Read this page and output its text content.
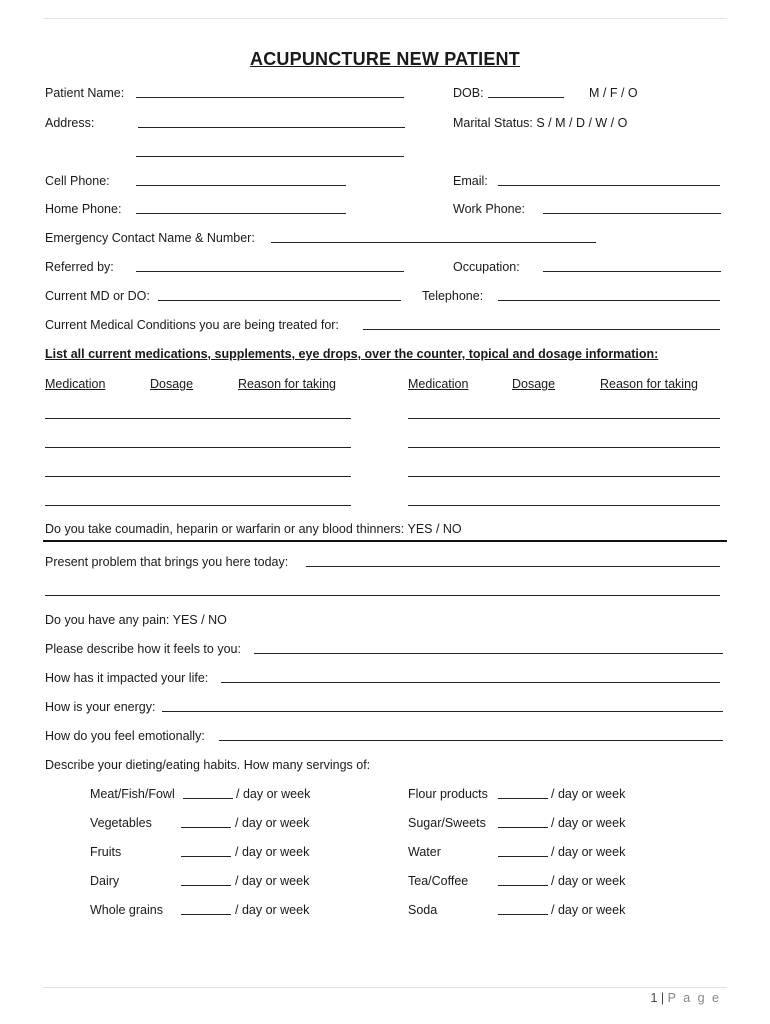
ACUPUNCTURE NEW PATIENT
Patient Name:	DOB:	M / F / O
Address:	Marital Status: S / M / D / W / O
Cell Phone:	Email:
Home Phone:	Work Phone:
Emergency Contact Name & Number:
Referred by:	Occupation:
Current MD or DO:	Telephone:
Current Medical Conditions you are being treated for:
List all current medications, supplements, eye drops, over the counter, topical and dosage information:
Medication	Dosage	Reason for taking	Medication	Dosage	Reason for taking
Do you take coumadin, heparin or warfarin or any blood thinners: YES / NO
Present problem that brings you here today:
Do you have any pain: YES / NO
Please describe how it feels to you:
How has it impacted your life:
How is your energy:
How do you feel emotionally:
Describe your dieting/eating habits. How many servings of:
Meat/Fish/Fowl	/ day or week	Flour products	/ day or week
Vegetables	/ day or week	Sugar/Sweets	/ day or week
Fruits	/ day or week	Water	/ day or week
Dairy	/ day or week	Tea/Coffee	/ day or week
Whole grains	/ day or week	Soda	/ day or week
1 | P a g e
